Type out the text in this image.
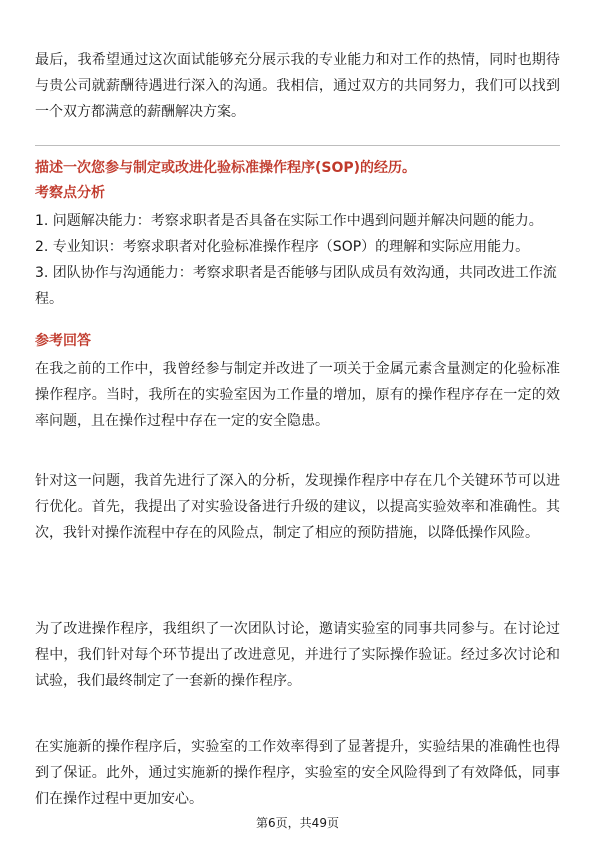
最后，我希望通过这次面试能够充分展示我的专业能力和对工作的热情，同时也期待与贵公司就薪酬待遇进行深入的沟通。我相信，通过双方的共同努力，我们可以找到一个双方都满意的薪酬解决方案。

描述一次您参与制定或改进化验标准操作程序(SOP)的经历。

考察点分析

1. 问题解决能力：考察求职者是否具备在实际工作中遇到问题并解决问题的能力。
2. 专业知识：考察求职者对化验标准操作程序（SOP）的理解和实际应用能力。
3. 团队协作与沟通能力：考察求职者是否能够与团队成员有效沟通，共同改进工作流程。

参考回答

在我之前的工作中，我曾经参与制定并改进了一项关于金属元素含量测定的化验标准操作程序。当时，我所在的实验室因为工作量的增加，原有的操作程序存在一定的效率问题，且在操作过程中存在一定的安全隐患。

针对这一问题，我首先进行了深入的分析，发现操作程序中存在几个关键环节可以进行优化。首先，我提出了对实验设备进行升级的建议，以提高实验效率和准确性。其次，我针对操作流程中存在的风险点，制定了相应的预防措施，以降低操作风险。

为了改进操作程序，我组织了一次团队讨论，邀请实验室的同事共同参与。在讨论过程中，我们针对每个环节提出了改进意见，并进行了实际操作验证。经过多次讨论和试验，我们最终制定了一套新的操作程序。

在实施新的操作程序后，实验室的工作效率得到了显著提升，实验结果的准确性也得到了保证。此外，通过实施新的操作程序，实验室的安全风险得到了有效降低，同事们在操作过程中更加安心。

第6页，共49页
